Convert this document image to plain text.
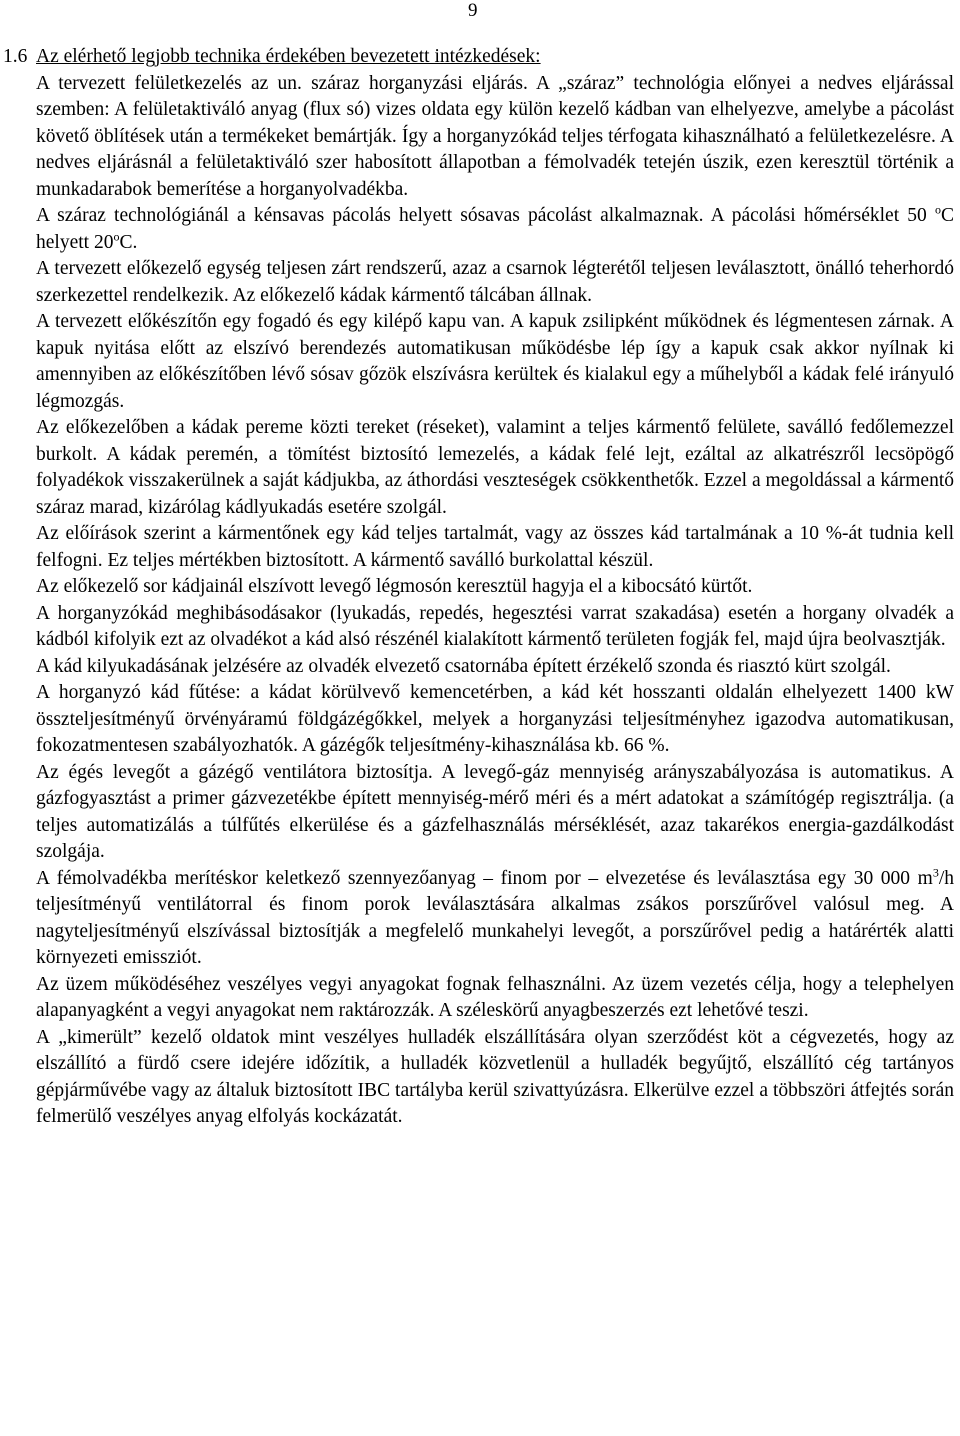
9
1.6 Az elérhető legjobb technika érdekében bevezetett intézkedések:

A tervezett felületkezelés az un. száraz horganyzási eljárás. A „száraz” technológia előnyei a nedves eljárással szemben: A felületaktiváló anyag (flux só) vizes oldata egy külön kezelő kádban van elhelyezve, amelybe a pácolást követő öblítések után a termékeket bemártják. Így a horganyzókád teljes térfogata kihasználható a felületkezelésre. A nedves eljárásnál a felületaktiváló szer habosított állapotban a fémolvadék tetején úszik, ezen keresztül történik a munkadarabok bemerítése a horganyolvadékba.

A száraz technológiánál a kénsavas pácolás helyett sósavas pácolást alkalmaznak. A pácolási hőmérséklet 50 $^o$C helyett 20$^o$C.

A tervezett előkezelő egység teljesen zárt rendszerű, azaz a csarnok légterétől teljesen leválasztott, önálló teherhordó szerkezettel rendelkezik. Az előkezelő kádak kármentő tálcában állnak.

A tervezett előkészítőn egy fogadó és egy kilépő kapu van. A kapuk zsilipként működnek és légmentesen zárnak. A kapuk nyitása előtt az elszívó berendezés automatikusan működésbe lép így a kapuk csak akkor nyílnak ki amennyiben az előkészítőben lévő sósav gőzök elszívásra kerültek és kialakul egy a műhelyből a kádak felé irányuló légmozgás.

Az előkezelőben a kádak pereme közti tereket (réseket), valamint a teljes kármentő felülete, saválló fedőlemezzel burkolt. A kádak peremén, a tömítést biztosító lemezelés, a kádak felé lejt, ezáltal az alkatrészről lecsöpögő folyadékok visszakerülnek a saját kádjukba, az áthordási veszteségek csökkenthetők. Ezzel a megoldással a kármentő száraz marad, kizárólag kádlyukadás esetére szolgál.

Az előírások szerint a kármentőnek egy kád teljes tartalmát, vagy az összes kád tartalmának a 10 %-át tudnia kell felfogni. Ez teljes mértékben biztosított. A kármentő saválló burkolattal készül.

Az előkezelő sor kádjainál elszívott levegő légmosón keresztül hagyja el a kibocsátó kürtőt.

A horganyzókád meghibásodásakor (lyukadás, repedés, hegesztési varrat szakadása) esetén a horgany olvadék a kádból kifolyik ezt az olvadékot a kád alsó részénél kialakított kármentő területen fogják fel, majd újra beolvasztják.

A kád kilyukadásának jelzésére az olvadék elvezető csatornába épített érzékelő szonda és riasztó kürt szolgál.

A horganyzó kád fűtése: a kádat körülvevő kemencetérben, a kád két hosszanti oldalán elhelyezett 1400 kW összteljesítményű örvényáramú földgázégőkkel, melyek a horganyzási teljesítményhez igazodva automatikusan, fokozatmentesen szabályozhatók. A gázégők teljesítmény-kihasználása kb. 66 %.

Az égés levegőt a gázégő ventilátora biztosítja. A levegő-gáz mennyiség arányszabályozása is automatikus. A gázfogyasztást a primer gázvezetékbe épített mennyiség-mérő méri és a mért adatokat a számítógép regisztrálja. (a teljes automatizálás a túlfűtés elkerülése és a gázfelhasználás mérséklését, azaz takarékos energia-gazdálkodást szolgája.

A fémolvadékba merítéskor keletkező szennyezőanyag – finom por – elvezetése és leválasztása egy 30 000 $m^3/h$ teljesítményű ventilátorral és finom porok leválasztására alkalmas zsákos porszűrővel valósul meg. A nagyteljesítményű elszívással biztosítják a megfelelő munkahelyi levegőt, a porszűrővel pedig a határérték alatti környezeti emissziót.

Az üzem működéséhez veszélyes vegyi anyagokat fognak felhasználni. Az üzem vezetés célja, hogy a telephelyen alapanyagként a vegyi anyagokat nem raktározzák. A széleskörű anyagbeszerzés ezt lehetővé teszi.

A „kimerült” kezelő oldatok mint veszélyes hulladék elszállítására olyan szerződést köt a cégvezetés, hogy az elszállító a fürdő csere idejére időzítik, a hulladék közvetlenül a hulladék begyűjtő, elszállító cég tartányos gépjárművébe vagy az általuk biztosított IBC tartályba kerül szivattyúzásra. Elkerülve ezzel a többszöri átfejtés során felmerülő veszélyes anyag elfolyás kockázatát.
